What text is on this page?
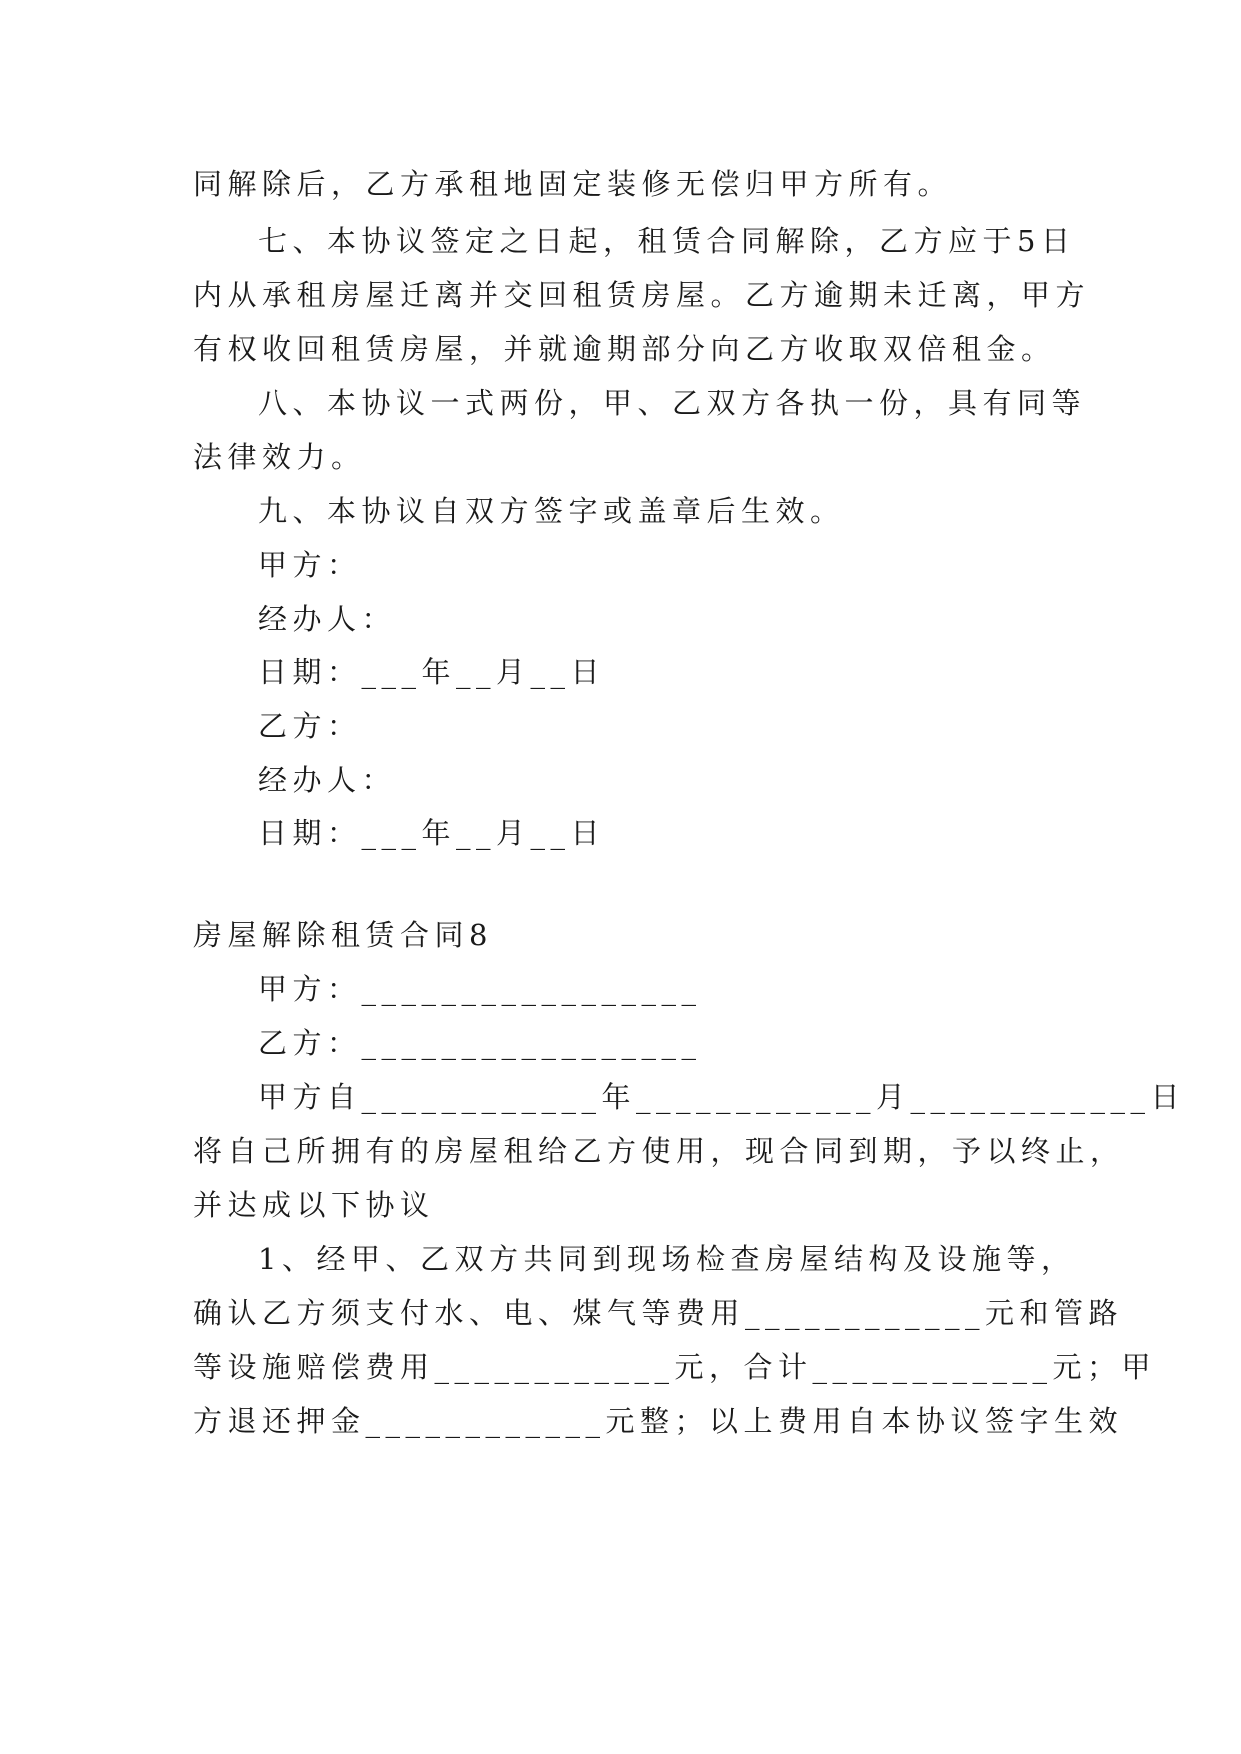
同解除后，乙方承租地固定装修无偿归甲方所有。
七、本协议签定之日起，租赁合同解除，乙方应于5日
内从承租房屋迁离并交回租赁房屋。乙方逾期未迁离，甲方
有权收回租赁房屋，并就逾期部分向乙方收取双倍租金。
八、本协议一式两份，甲、乙双方各执一份，具有同等
法律效力。
九、本协议自双方签字或盖章后生效。
甲方：
经办人：
日期：___年__月__日
乙方：
经办人：
日期：___年__月__日
房屋解除租赁合同8
甲方：_________________
乙方：_________________
甲方自____________年____________月____________日
将自己所拥有的房屋租给乙方使用，现合同到期，予以终止，
并达成以下协议
1、经甲、乙双方共同到现场检查房屋结构及设施等，
确认乙方须支付水、电、煤气等费用____________元和管路
等设施赔偿费用____________元，合计____________元；甲
方退还押金____________元整；以上费用自本协议签字生效
